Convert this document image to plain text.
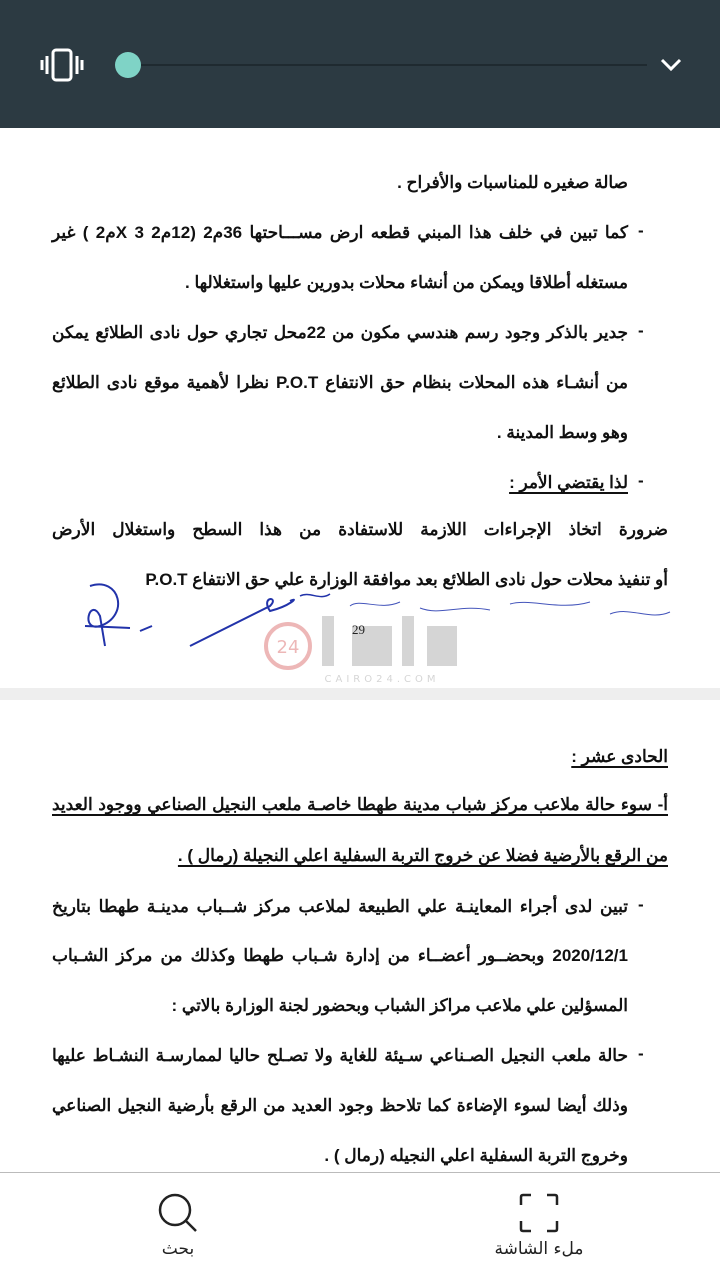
صالة صغيره للمناسبات والأفراح .
-
كما تبين في خلف هذا المبني قطعه ارض مســـاحتها 36م2 (12م2 X 3م2 ) غير
مستغله أطلاقا ويمكن من أنشاء محلات بدورين عليها واستغلالها .
-
جدير بالذكر وجود رسم هندسي مكون من 22محل تجاري حول نادى الطلائع يمكن
من أنشـاء هذه المحلات بنظام حق الانتفاع P.O.T نظرا لأهمية موقع نادى الطلائع
وهو وسط المدينة .
-
لذا يقتضي الأمر :
ضرورة اتخاذ الإجراءات اللازمة للاستفادة من هذا السطح واستغلال الأرض
أو تنفيذ محلات حول نادى الطلائع بعد موافقة الوزارة علي حق الانتفاع P.O.T
24
CAIRO24.COM
29
الحادى عشر :
أ- سوء حالة ملاعب مركز شباب مدينة طهطا خاصـة ملعب النجيل الصناعي ووجود العديد
من الرقع بالأرضية فضلا عن خروج التربة السفلية اعلي النجيلة (رمال ) .
-
تبين لدى أجراء المعاينـة علي الطبيعة لملاعب مركز شــباب مدينـة طهطا بتاريخ
2020/12/1 وبحضــور أعضــاء من إدارة شـباب طهطا وكذلك من مركز الشـباب
المسؤلين علي ملاعب مراكز الشباب وبحضور لجنة الوزارة بالاتي :
-
حالة ملعب النجيل الصـناعي سـيئة للغاية ولا تصـلح حاليا لممارسـة النشـاط عليها
وذلك أيضا لسوء الإضاءة كما تلاحظ وجود العديد من الرقع بأرضية النجيل الصناعي
وخروج التربة السفلية اعلي النجيله (رمال ) .
بحث	ملء الشاشة
